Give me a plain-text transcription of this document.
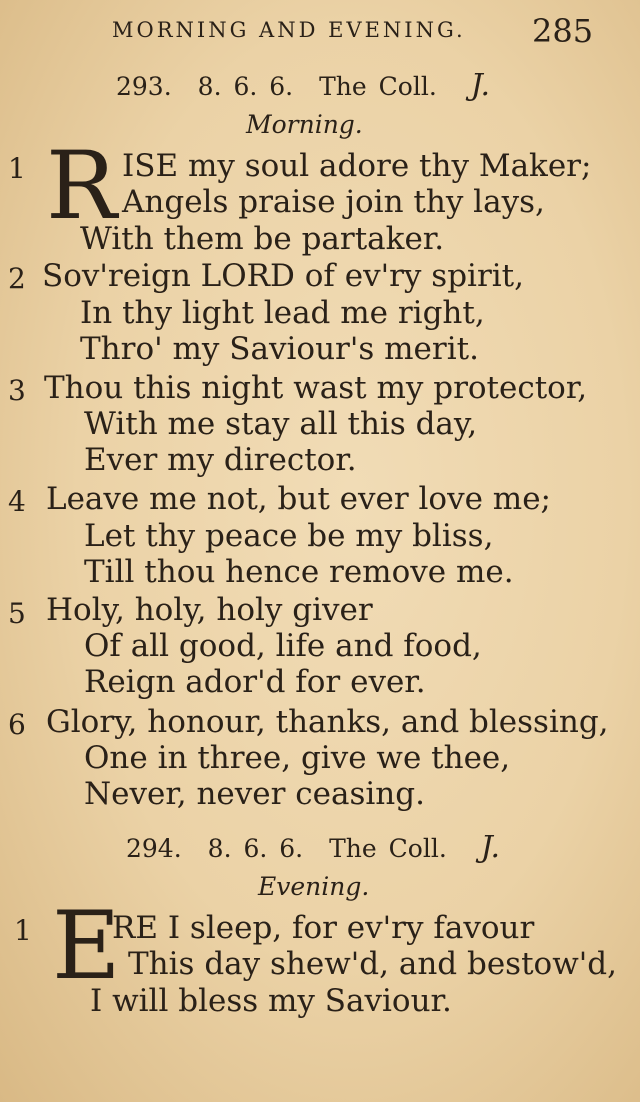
MORNING AND EVENING. 285
293. 8. 6. 6. The Coll. J.
Morning.
1 R ISE my soul adore thy Maker;
Angels praise join thy lays,
With them be partaker.
2 Sov'reign LORD of ev'ry spirit,
In thy light lead me right,
Thro' my Saviour's merit.
3 Thou this night wast my protector,
With me stay all this day,
Ever my director.
4 Leave me not, but ever love me;
Let thy peace be my bliss,
Till thou hence remove me.
5 Holy, holy, holy giver
Of all good, life and food,
Reign ador'd for ever.
6 Glory, honour, thanks, and blessing,
One in three, give we thee,
Never, never ceasing.
294. 8. 6. 6. The Coll. J.
Evening.
1 E
RE I sleep, for ev'ry favour
This day shew'd, and bestow'd,
I will bless my Saviour.
